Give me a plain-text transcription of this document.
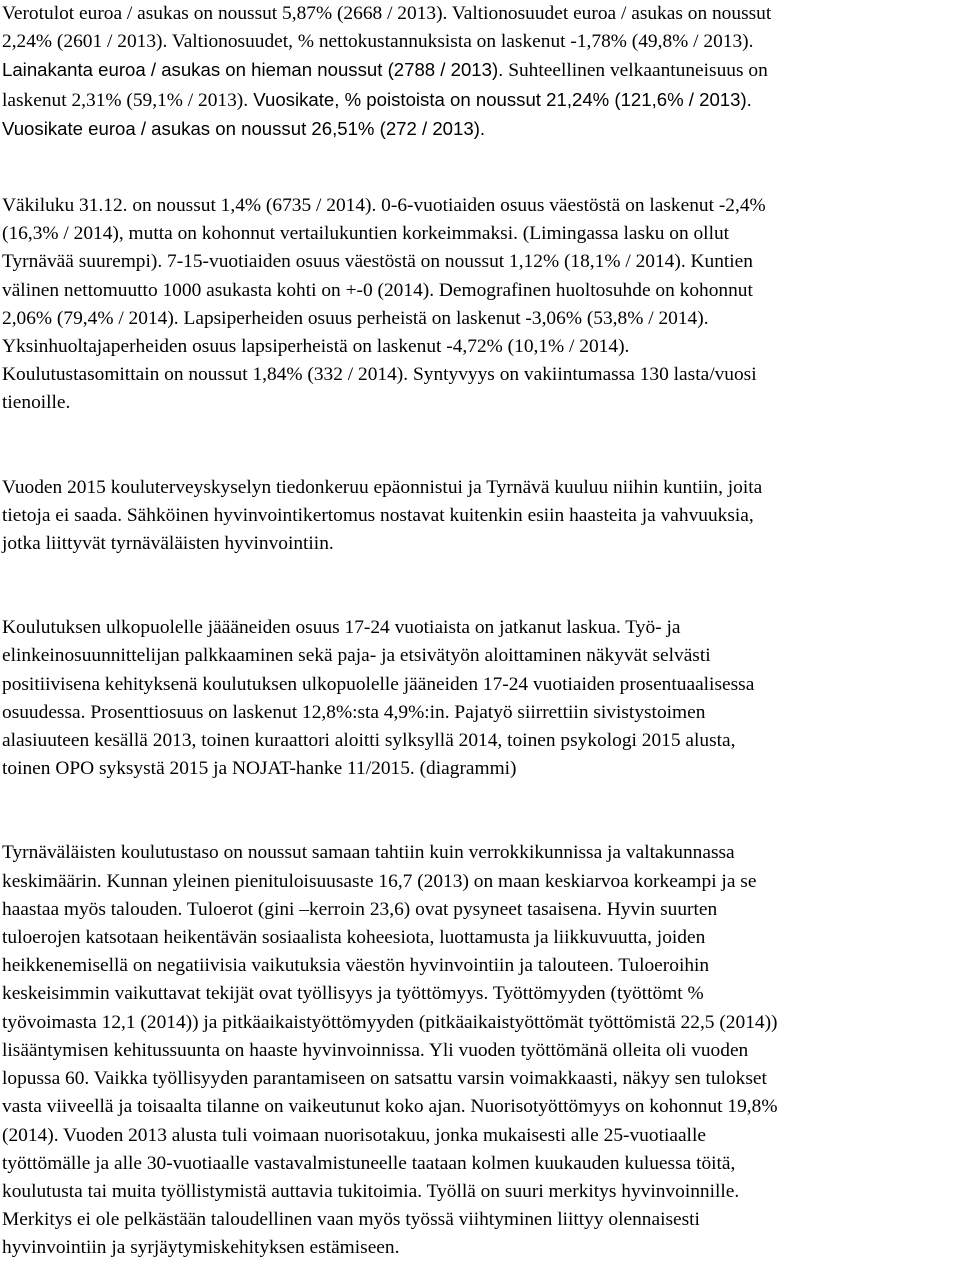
Verotulot euroa / asukas on noussut 5,87% (2668 / 2013). Valtionosuudet euroa / asukas on noussut
2,24% (2601 / 2013). Valtionosuudet, % nettokustannuksista on laskenut -1,78% (49,8% / 2013).
Lainakanta euroa / asukas on hieman noussut (2788 / 2013). Suhteellinen velkaantuneisuus on
laskenut 2,31% (59,1% / 2013). Vuosikate, % poistoista on noussut 21,24% (121,6% / 2013).
Vuosikate euroa / asukas on noussut 26,51% (272 / 2013).
Väkiluku 31.12. on noussut 1,4% (6735 / 2014). 0-6-vuotiaiden osuus väestöstä on laskenut -2,4%
(16,3% / 2014), mutta on kohonnut vertailukuntien korkeimmaksi. (Limingassa lasku on ollut
Tyrnävää suurempi). 7-15-vuotiaiden osuus väestöstä on noussut 1,12% (18,1% / 2014). Kuntien
välinen nettomuutto 1000 asukasta kohti on +-0 (2014). Demografinen huoltosuhde on kohonnut
2,06% (79,4% / 2014). Lapsiperheiden osuus perheistä on laskenut -3,06% (53,8% / 2014).
Yksinhuoltajaperheiden osuus lapsiperheistä on laskenut -4,72% (10,1% / 2014).
Koulutustasomittain on noussut 1,84% (332 / 2014). Syntyvyys on vakiintumassa 130 lasta/vuosi
tienoille.
Vuoden 2015 kouluterveyskyselyn tiedonkeruu epäonnistui ja Tyrnävä kuuluu niihin kuntiin, joita
tietoja ei saada. Sähköinen hyvinvointikertomus nostavat kuitenkin esiin haasteita ja vahvuuksia,
jotka liittyvät tyrnäväläisten hyvinvointiin.
Koulutuksen ulkopuolelle jäääneiden osuus 17-24 vuotiaista on jatkanut laskua. Työ- ja
elinkeinosuunnittelijan palkkaaminen sekä paja- ja etsivätyön aloittaminen näkyvät selvästi
positiivisena kehityksenä koulutuksen ulkopuolelle jääneiden 17-24 vuotiaiden prosentuaalisessa
osuudessa. Prosenttiosuus on laskenut 12,8%:sta 4,9%:in. Pajatyö siirrettiin sivistystoimen
alasiuuteen kesällä 2013, toinen kuraattori aloitti sylksyllä 2014, toinen psykologi 2015 alusta,
toinen OPO syksystä 2015 ja NOJAT-hanke 11/2015. (diagrammi)
Tyrnäväläisten koulutustaso on noussut samaan tahtiin kuin verrokkikunnissa ja valtakunnassa
keskimäärin. Kunnan yleinen pienituloisuusaste 16,7 (2013) on maan keskiarvoa korkeampi ja se
haastaa myös talouden. Tuloerot (gini –kerroin 23,6) ovat pysyneet tasaisena. Hyvin suurten
tuloerojen katsotaan heikentävän sosiaalista koheesiota, luottamusta ja liikkuvuutta, joiden
heikkenemisellä on negatiivisia vaikutuksia väestön hyvinvointiin ja talouteen. Tuloeroihin
keskeisimmin vaikuttavat tekijät ovat työllisyys ja työttömyys. Työttömyyden (työttömt %
työvoimasta 12,1 (2014)) ja pitkäaikaistyöttömyyden (pitkäaikaistyöttömät työttömistä 22,5 (2014))
lisääntymisen kehitussuunta on haaste hyvinvoinnissa. Yli vuoden työttömänä olleita oli vuoden
lopussa 60. Vaikka työllisyyden parantamiseen on satsattu varsin voimakkaasti, näkyy sen tulokset
vasta viiveellä ja toisaalta tilanne on vaikeutunut koko ajan. Nuorisotyöttömyys on kohonnut 19,8%
(2014). Vuoden 2013 alusta tuli voimaan nuorisotakuu, jonka mukaisesti alle 25-vuotiaalle
työttömälle ja alle 30-vuotiaalle vastavalmistuneelle taataan kolmen kuukauden kuluessa töitä,
koulutusta tai muita työllistymistä auttavia tukitoimia. Työllä on suuri merkitys hyvinvoinnille.
Merkitys ei ole pelkästään taloudellinen vaan myös työssä viihtyminen liittyy olennaisesti
hyvinvointiin ja syrjäytymiskehityksen estämiseen.
